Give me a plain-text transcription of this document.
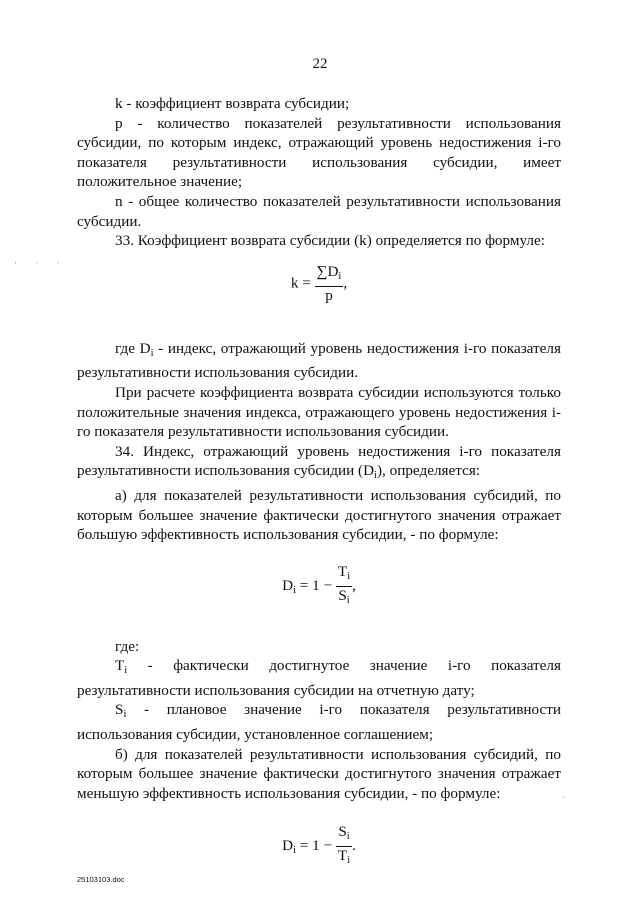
22
· · ·

k - коэффициент возврата субсидии;

p - количество показателей результативности использования субсидии, по которым индекс, отражающий уровень недостижения i-го показателя результативности использования субсидии, имеет положительное значение;

n - общее количество показателей результативности использования субсидии.

33. Коэффициент возврата субсидии (k) определяется по формуле:

$k = \frac{\sum D_i}{p}$ ,

где $D_i$ - индекс, отражающий уровень недостижения i-го показателя результативности использования субсидии.

При расчете коэффициента возврата субсидии используются только положительные значения индекса, отражающего уровень недостижения i-го показателя результативности использования субсидии.

34. Индекс, отражающий уровень недостижения i-го показателя результативности использования субсидии $(D_i)$, определяется:

а) для показателей результативности использования субсидий, по которым большее значение фактически достигнутого значения отражает большую эффективность использования субсидии, - по формуле:

$D_i = 1 - \frac{T_i}{S_i}$ ,

где:

$T_i$ - фактически достигнутое значение i-го показателя результативности использования субсидии на отчетную дату;

$S_i$ - плановое значение i-го показателя результативности использования субсидии, установленное соглашением;

б) для показателей результативности использования субсидий, по которым большее значение фактически достигнутого значения отражает меньшую эффективность использования субсидии, - по формуле:

$D_i = 1 - \frac{S_i}{T_i}$ .
·
25103103.doc
